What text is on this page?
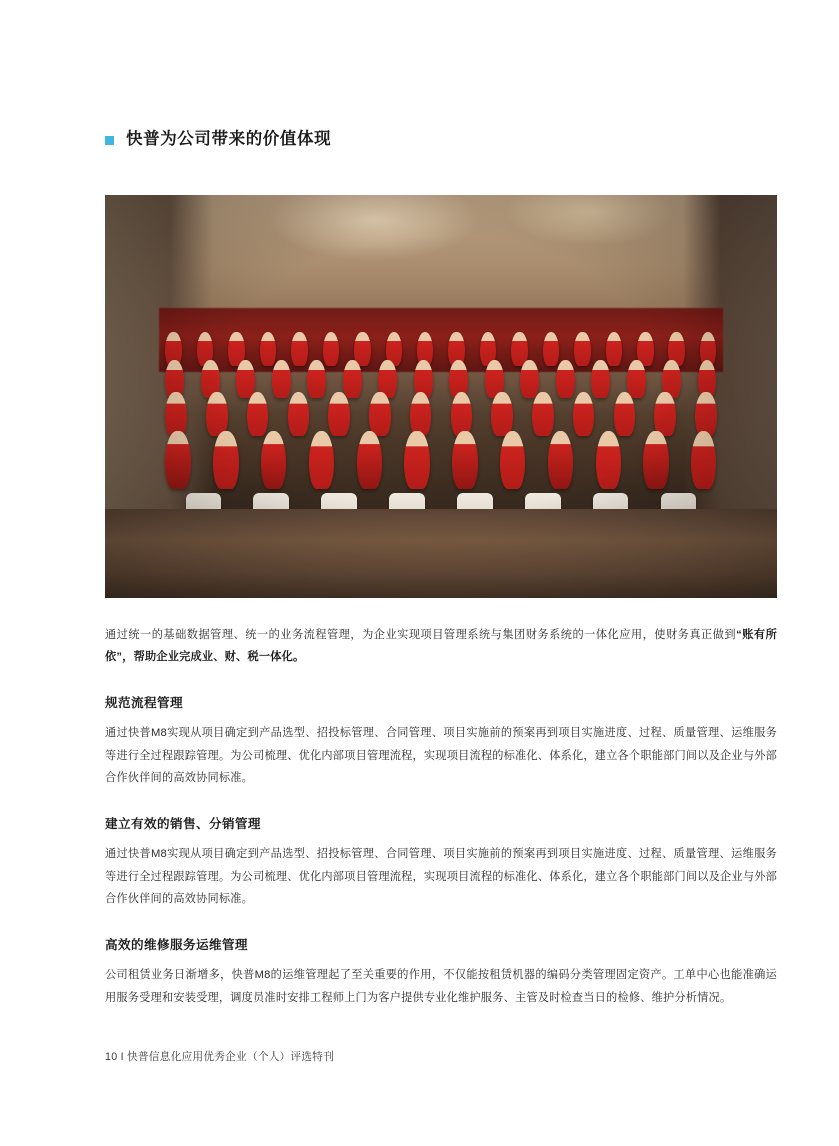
快普为公司带来的价值体现

通过统一的基础数据管理、统一的业务流程管理，为企业实现项目管理系统与集团财务系统的一体化应用，使财务真正做到“账有所依”，帮助企业完成业、财、税一体化。

规范流程管理

通过快普M8实现从项目确定到产品选型、招投标管理、合同管理、项目实施前的预案再到项目实施进度、过程、质量管理、运维服务等进行全过程跟踪管理。为公司梳理、优化内部项目管理流程，实现项目流程的标准化、体系化，建立各个职能部门间以及企业与外部合作伙伴间的高效协同标准。

建立有效的销售、分销管理

通过快普M8实现从项目确定到产品选型、招投标管理、合同管理、项目实施前的预案再到项目实施进度、过程、质量管理、运维服务等进行全过程跟踪管理。为公司梳理、优化内部项目管理流程，实现项目流程的标准化、体系化，建立各个职能部门间以及企业与外部合作伙伴间的高效协同标准。

高效的维修服务运维管理

公司租赁业务日渐增多，快普M8的运维管理起了至关重要的作用，不仅能按租赁机器的编码分类管理固定资产。工单中心也能准确运用服务受理和安装受理，调度员准时安排工程师上门为客户提供专业化维护服务、主管及时检查当日的检修、维护分析情况。

10 I 快普信息化应用优秀企业（个人）评选特刊
